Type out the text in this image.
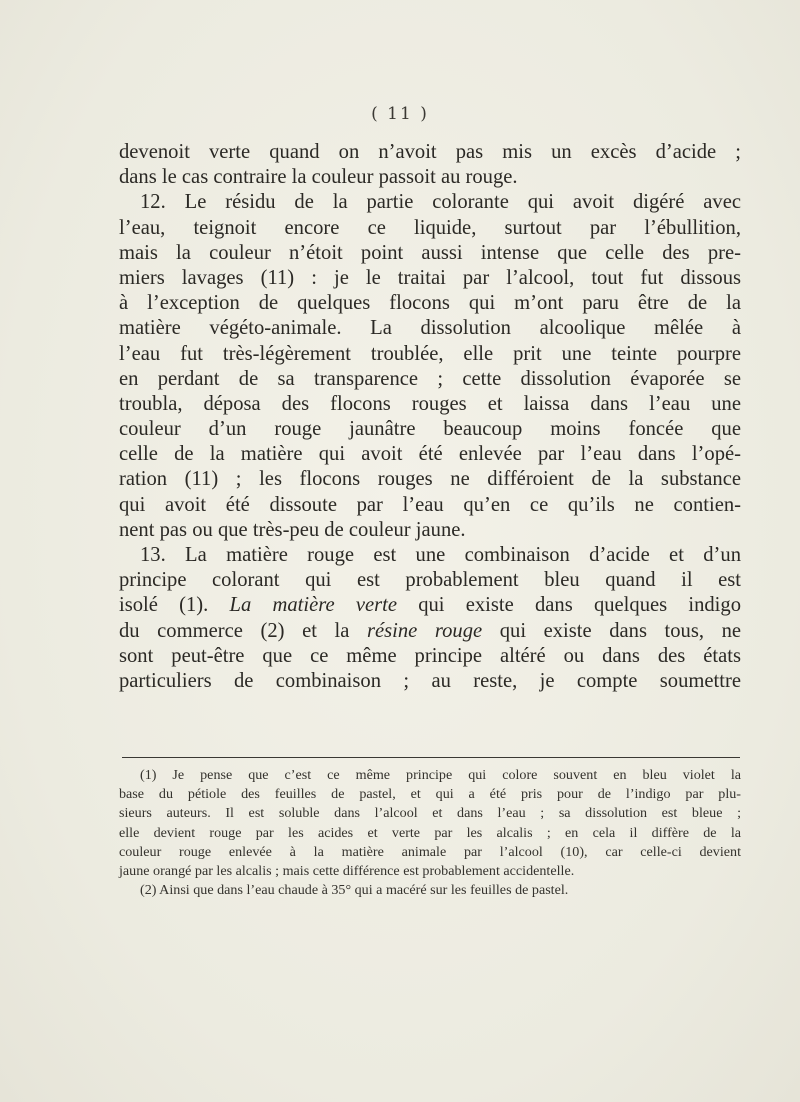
( 11 )
devenoit verte quand on n’avoit pas mis un excès d’acide ;
dans le cas contraire la couleur passoit au rouge.
12. Le résidu de la partie colorante qui avoit digéré avec
l’eau, teignoit encore ce liquide, surtout par l’ébullition,
mais la couleur n’étoit point aussi intense que celle des pre-
miers lavages (11) : je le traitai par l’alcool, tout fut dissous
à l’exception de quelques flocons qui m’ont paru être de la
matière végéto-animale. La dissolution alcoolique mêlée à
l’eau fut très-légèrement troublée, elle prit une teinte pourpre
en perdant de sa transparence ; cette dissolution évaporée se
troubla, déposa des flocons rouges et laissa dans l’eau une
couleur d’un rouge jaunâtre beaucoup moins foncée que
celle de la matière qui avoit été enlevée par l’eau dans l’opé-
ration (11) ; les flocons rouges ne différoient de la substance
qui avoit été dissoute par l’eau qu’en ce qu’ils ne contien-
nent pas ou que très-peu de couleur jaune.
13. La matière rouge est une combinaison d’acide et d’un
principe colorant qui est probablement bleu quand il est
isolé (1). La matière verte qui existe dans quelques indigo
du commerce (2) et la résine rouge qui existe dans tous, ne
sont peut-être que ce même principe altéré ou dans des états
particuliers de combinaison ; au reste, je compte soumettre
(1) Je pense que c’est ce même principe qui colore souvent en bleu violet la
base du pétiole des feuilles de pastel, et qui a été pris pour de l’indigo par plu-
sieurs auteurs. Il est soluble dans l’alcool et dans l’eau ; sa dissolution est bleue ;
elle devient rouge par les acides et verte par les alcalis ; en cela il diffère de la
couleur rouge enlevée à la matière animale par l’alcool (10), car celle-ci devient
jaune orangé par les alcalis ; mais cette différence est probablement accidentelle.
(2) Ainsi que dans l’eau chaude à 35° qui a macéré sur les feuilles de pastel.
